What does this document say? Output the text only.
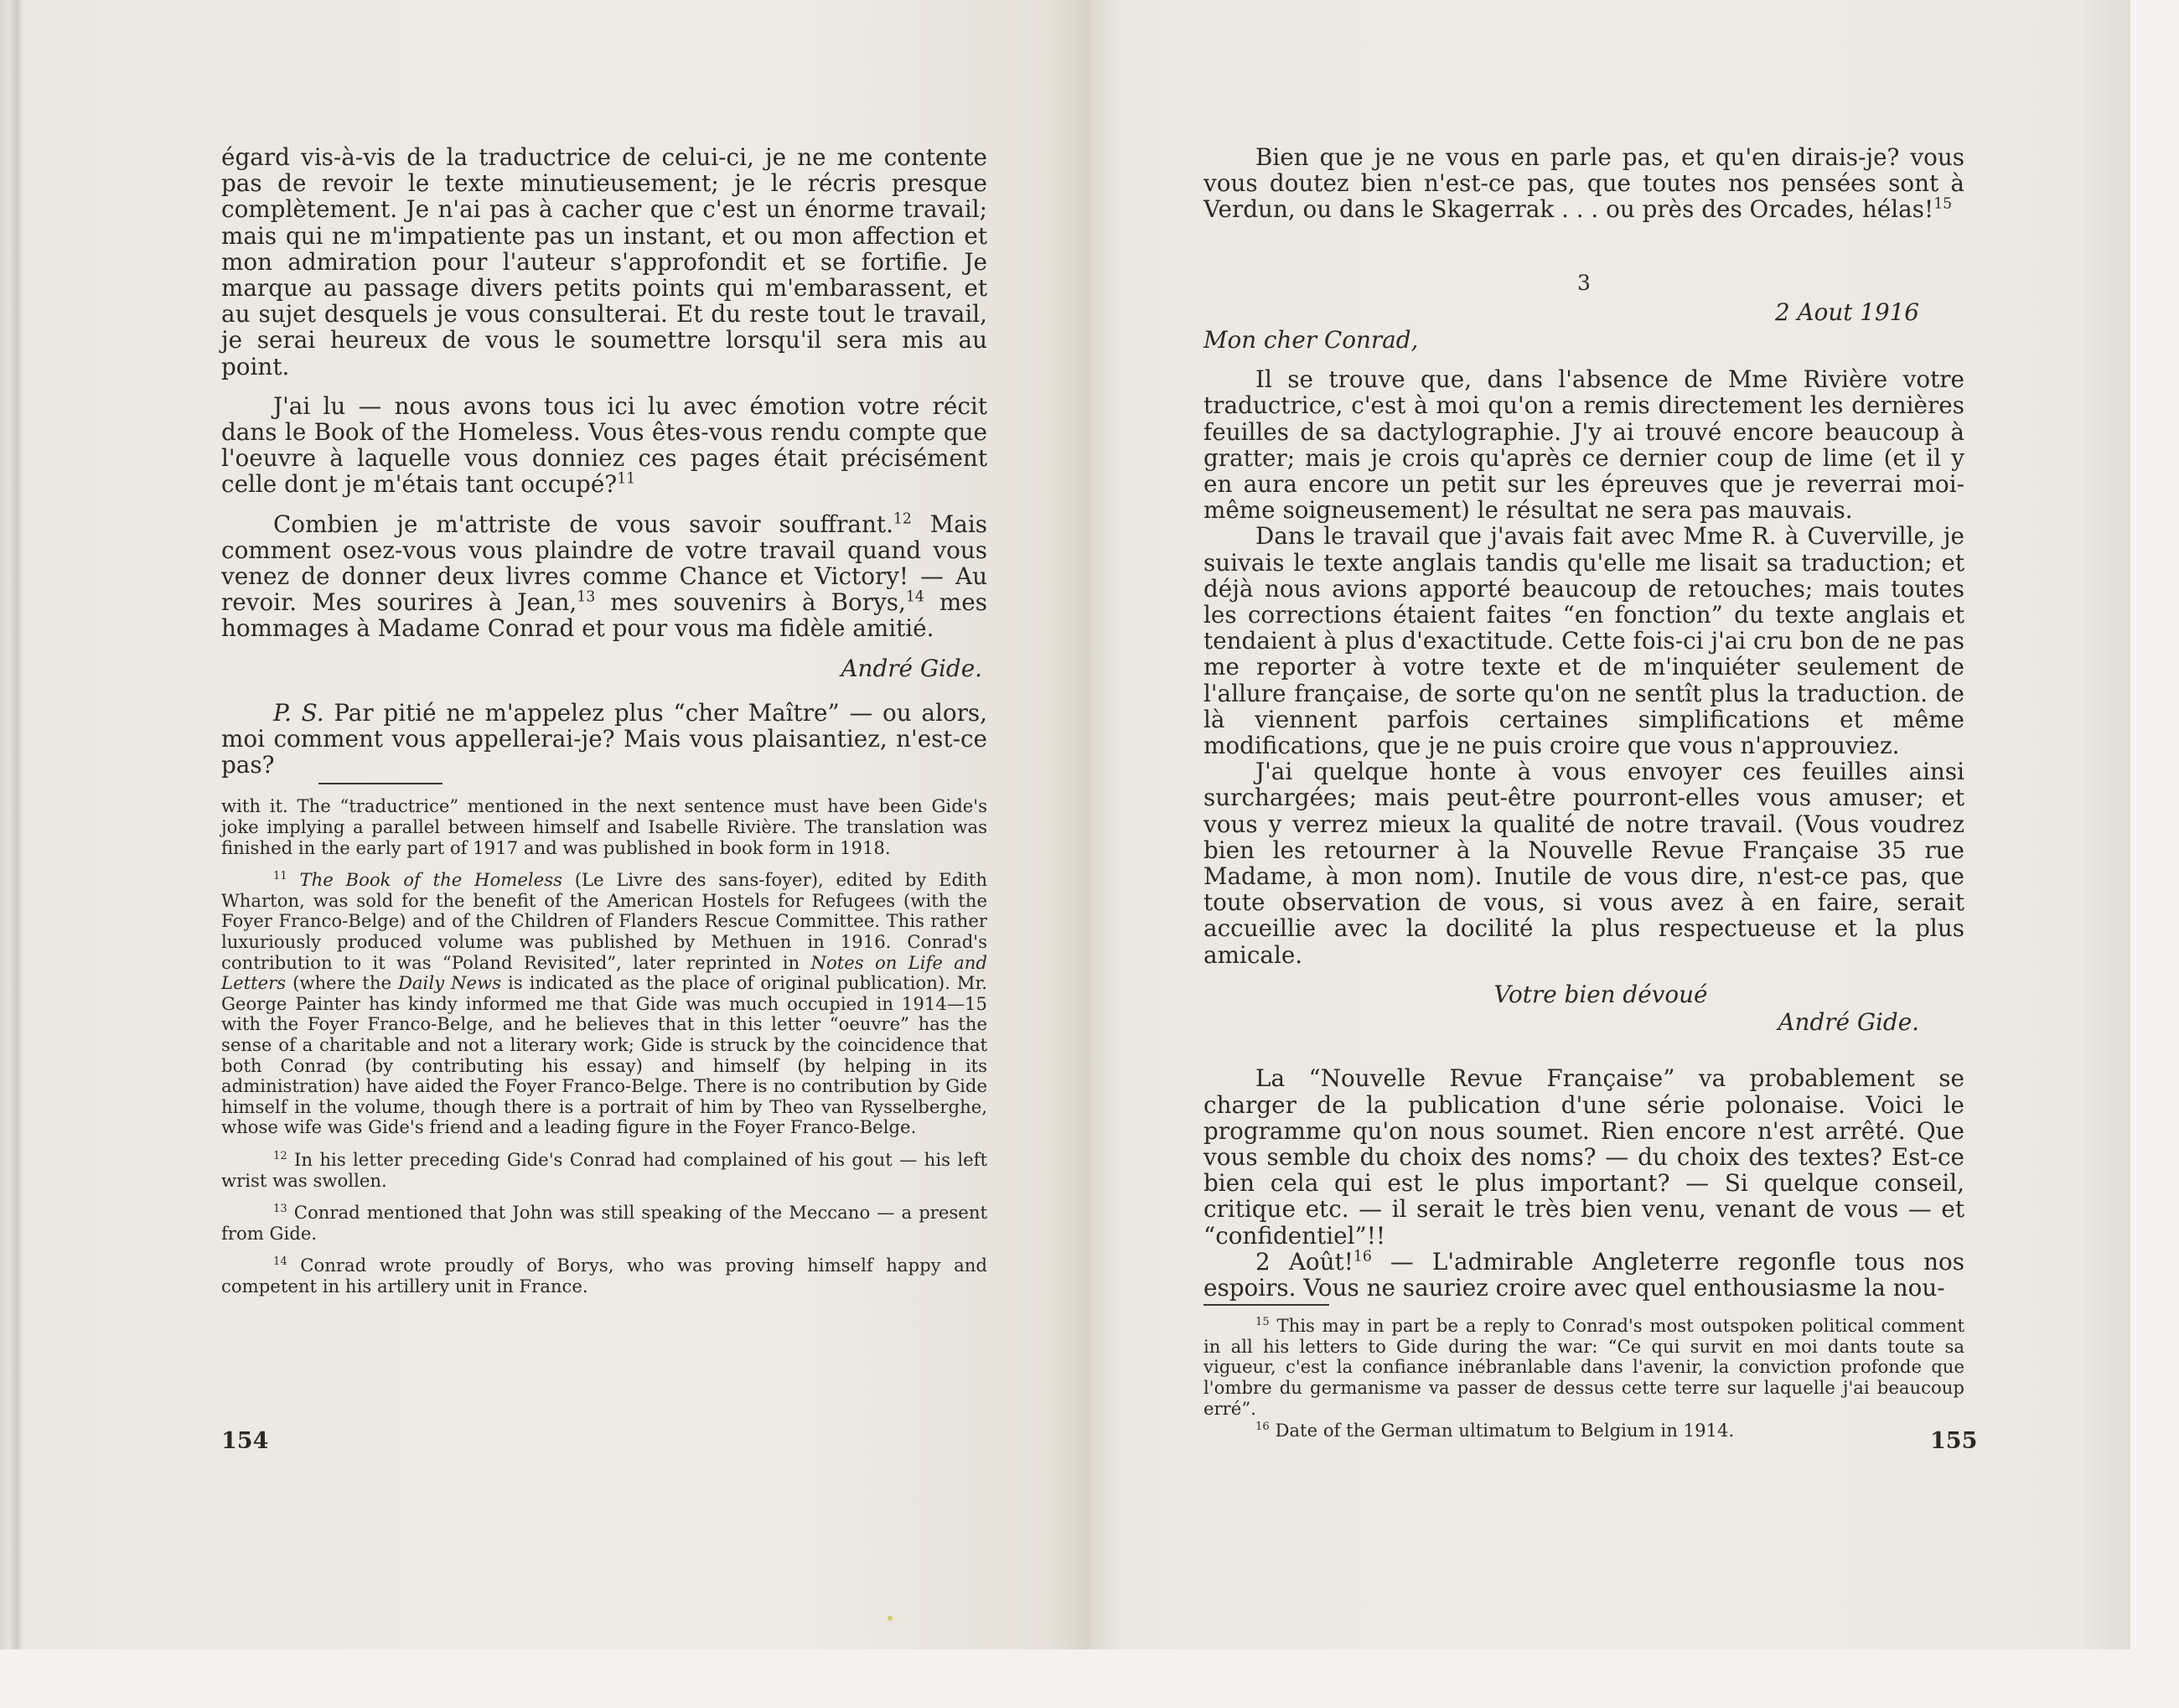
égard vis-à-vis de la traductrice de celui-ci, je ne me contente pas de revoir le texte minutieusement; je le récris presque complètement. Je n'ai pas à cacher que c'est un énorme travail; mais qui ne m'impatiente pas un instant, et ou mon affection et mon admiration pour l'auteur s'approfondit et se fortifie. Je marque au passage divers petits points qui m'embarassent, et au sujet desquels je vous consulterai. Et du reste tout le travail, je serai heureux de vous le soumettre lorsqu'il sera mis au point.

J'ai lu — nous avons tous ici lu avec émotion votre récit dans le Book of the Homeless. Vous êtes-vous rendu compte que l'oeuvre à laquelle vous donniez ces pages était précisément celle dont je m'étais tant occupé?$^{11}$

Combien je m'attriste de vous savoir souffrant.$^{12}$ Mais comment osez-vous vous plaindre de votre travail quand vous venez de donner deux livres comme Chance et Victory! — Au revoir. Mes sourires à Jean,$^{13}$ mes souvenirs à Borys,$^{14}$ mes hommages à Madame Conrad et pour vous ma fidèle amitié.

André Gide.

P. S. Par pitié ne m'appelez plus “cher Maître” — ou alors, moi comment vous appellerai-je? Mais vous plaisantiez, n'est-ce pas?

with it. The “traductrice” mentioned in the next sentence must have been Gide's joke implying a parallel between himself and Isabelle Rivière. The translation was finished in the early part of 1917 and was published in book form in 1918.

$^{11}$ The Book of the Homeless (Le Livre des sans-foyer), edited by Edith Wharton, was sold for the benefit of the American Hostels for Refugees (with the Foyer Franco-Belge) and of the Children of Flanders Rescue Committee. This rather luxuriously produced volume was published by Methuen in 1916. Conrad's contribution to it was “Poland Revisited”, later reprinted in Notes on Life and Letters (where the Daily News is indicated as the place of original publication). Mr. George Painter has kindy informed me that Gide was much occupied in 1914—15 with the Foyer Franco-Belge, and he believes that in this letter “oeuvre” has the sense of a charitable and not a literary work; Gide is struck by the coincidence that both Conrad (by contributing his essay) and himself (by helping in its administration) have aided the Foyer Franco-Belge. There is no contribution by Gide himself in the volume, though there is a portrait of him by Theo van Rysselberghe, whose wife was Gide's friend and a leading figure in the Foyer Franco-Belge.

$^{12}$ In his letter preceding Gide's Conrad had complained of his gout — his left wrist was swollen.

$^{13}$ Conrad mentioned that John was still speaking of the Meccano — a present from Gide.

$^{14}$ Conrad wrote proudly of Borys, who was proving himself happy and competent in his artillery unit in France.

154

Bien que je ne vous en parle pas, et qu'en dirais-je? vous vous doutez bien n'est-ce pas, que toutes nos pensées sont à Verdun, ou dans le Skagerrak . . . ou près des Orcades, hélas!$^{15}$

3

2 Aout 1916

Mon cher Conrad,

Il se trouve que, dans l'absence de Mme Rivière votre traductrice, c'est à moi qu'on a remis directement les dernières feuilles de sa dactylographie. J'y ai trouvé encore beaucoup à gratter; mais je crois qu'après ce dernier coup de lime (et il y en aura encore un petit sur les épreuves que je reverrai moi-même soigneusement) le résultat ne sera pas mauvais.

Dans le travail que j'avais fait avec Mme R. à Cuverville, je suivais le texte anglais tandis qu'elle me lisait sa traduction; et déjà nous avions apporté beaucoup de retouches; mais toutes les corrections étaient faites “en fonction” du texte anglais et tendaient à plus d'exactitude. Cette fois-ci j'ai cru bon de ne pas me reporter à votre texte et de m'inquiéter seulement de l'allure française, de sorte qu'on ne sentît plus la traduction. de là viennent parfois certaines simplifications et même modifications, que je ne puis croire que vous n'approuviez.

J'ai quelque honte à vous envoyer ces feuilles ainsi surchargées; mais peut-être pourront-elles vous amuser; et vous y verrez mieux la qualité de notre travail. (Vous voudrez bien les retourner à la Nouvelle Revue Française 35 rue Madame, à mon nom). Inutile de vous dire, n'est-ce pas, que toute observation de vous, si vous avez à en faire, serait accueillie avec la docilité la plus respectueuse et la plus amicale.

Votre bien dévoué

André Gide.

La “Nouvelle Revue Française” va probablement se charger de la publication d'une série polonaise. Voici le programme qu'on nous soumet. Rien encore n'est arrêté. Que vous semble du choix des noms? — du choix des textes? Est-ce bien cela qui est le plus important? — Si quelque conseil, critique etc. — il serait le très bien venu, venant de vous — et “confidentiel”!!

2 Août!$^{16}$ — L'admirable Angleterre regonfle tous nos espoirs. Vous ne sauriez croire avec quel enthousiasme la nou-

$^{15}$ This may in part be a reply to Conrad's most outspoken political comment in all his letters to Gide during the war: “Ce qui survit en moi dants toute sa vigueur, c'est la confiance inébranlable dans l'avenir, la conviction profonde que l'ombre du germanisme va passer de dessus cette terre sur laquelle j'ai beaucoup erré”.

$^{16}$ Date of the German ultimatum to Belgium in 1914.	155
